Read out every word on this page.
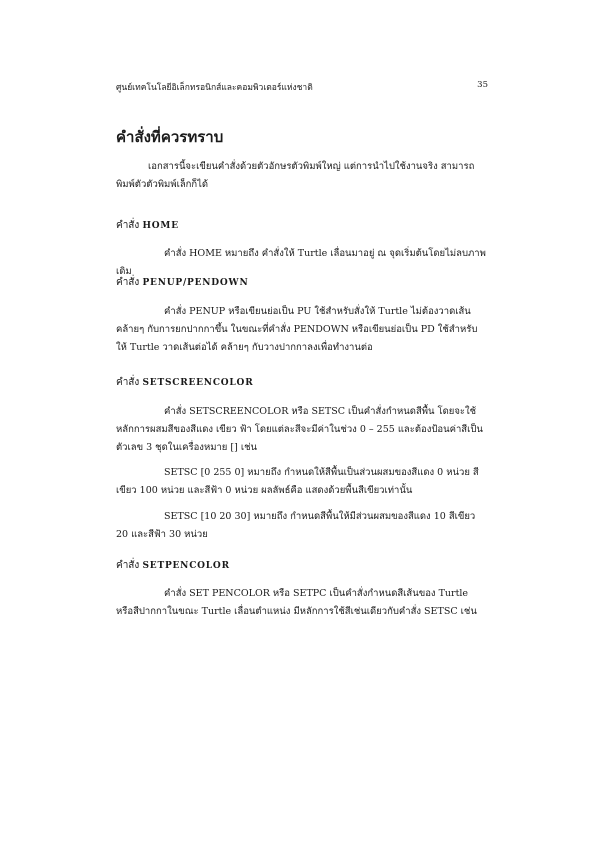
ศูนย์เทคโนโลยีอิเล็กทรอนิกส์และคอมพิวเตอร์แห่งชาติ	35
คำสั่งที่ควรทราบ

เอกสารนี้จะเขียนคำสั่งด้วยตัวอักษรตัวพิมพ์ใหญ่ แต่การนำไปใช้งานจริง สามารถพิมพ์ตัวตัวพิมพ์เล็กก็ได้

คำสั่ง HOME

คำสั่ง HOME หมายถึง คำสั่งให้ Turtle เลื่อนมาอยู่ ณ จุดเริ่มต้นโดยไม่ลบภาพเดิม

คำสั่ง PENUP/PENDOWN

คำสั่ง PENUP หรือเขียนย่อเป็น PU ใช้สำหรับสั่งให้ Turtle ไม่ต้องวาดเส้น คล้ายๆ กับการยกปากกาขึ้น ในขณะที่คำสั่ง PENDOWN หรือเขียนย่อเป็น PD ใช้สำหรับให้ Turtle วาดเส้นต่อได้ คล้ายๆ กับวางปากกาลงเพื่อทำงานต่อ

คำสั่ง SETSCREENCOLOR

คำสั่ง SETSCREENCOLOR หรือ SETSC เป็นคำสั่งกำหนดสีพื้น โดยจะใช้หลักการผสมสีของสีแดง เขียว ฟ้า โดยแต่ละสีจะมีค่าในช่วง 0 – 255 และต้องป้อนค่าสีเป็นตัวเลข 3 ชุดในเครื่องหมาย [] เช่น

SETSC [0 255 0] หมายถึง กำหนดให้สีพื้นเป็นส่วนผสมของสีแดง 0 หน่วย สีเขียว 100 หน่วย และสีฟ้า 0 หน่วย ผลลัพธ์คือ แสดงด้วยพื้นสีเขียวเท่านั้น

SETSC [10 20 30] หมายถึง กำหนดสีพื้นให้มีส่วนผสมของสีแดง 10 สีเขียว 20 และสีฟ้า 30 หน่วย

คำสั่ง SETPENCOLOR

คำสั่ง SET PENCOLOR หรือ SETPC เป็นคำสั่งกำหนดสีเส้นของ Turtle หรือสีปากกาในขณะ Turtle เลื่อนตำแหน่ง มีหลักการใช้สีเช่นเดียวกับคำสั่ง SETSC เช่น
